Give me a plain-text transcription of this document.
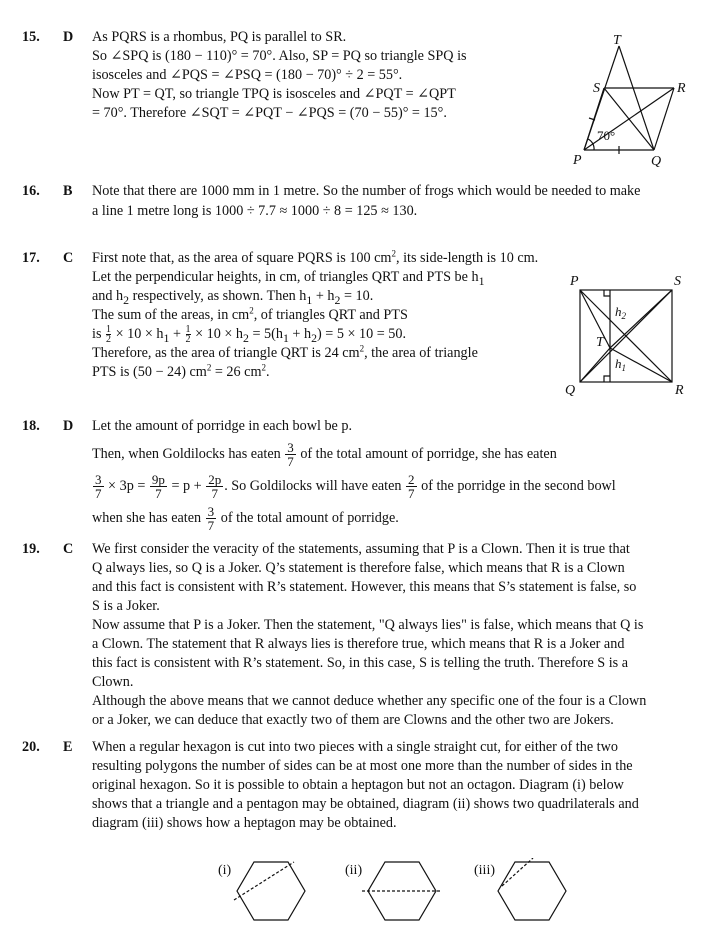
15. D As PQRS is a rhombus, PQ is parallel to SR.
So ∠SPQ is (180 − 110)° = 70°. Also, SP = PQ so triangle SPQ is
isosceles and ∠PQS = ∠PSQ = (180 − 70)° ÷ 2 = 55°.
Now PT = QT, so triangle TPQ is isosceles and ∠PQT = ∠QPT
= 70°. Therefore ∠SQT = ∠PQT − ∠PQS = (70 − 55)° = 15°.
T
S	R
P	Q
70°
16. B Note that there are 1000 mm in 1 metre. So the number of frogs which would be needed to make
a line 1 metre long is 1000 ÷ 7.7 ≈ 1000 ÷ 8 = 125 ≈ 130.
17. C First note that, as the area of square PQRS is 100 $cm^2$, its side-length is 10 cm.
Let the perpendicular heights, in cm, of triangles QRT and PTS be $h_1$
and $h_2$ respectively, as shown. Then $h_1 + h_2 = 10$.
The sum of the areas, in $cm^2$, of triangles QRT and PTS
is $\frac{1}{2} \times 10 \times h_1 + \frac{1}{2} \times 10 \times h_2 = 5(h_1 + h_2) = 5 \times 10 = 50$.
Therefore, as the area of triangle QRT is 24 $cm^2$, the area of triangle
PTS is (50 − 24) $cm^2 = 26$ $cm^2$.
P	S
Q	R
T
$h_2$
$h_1$
18. D Let the amount of porridge in each bowl be p.
Then, when Goldilocks has eaten $\frac{3}{7}$ of the total amount of porridge, she has eaten
$\frac{3}{7} \times 3p = \frac{9p}{7} = p + \frac{2p}{7}$ . So Goldilocks will have eaten $\frac{2}{7}$ of the porridge in the second bowl
when she has eaten $\frac{3}{7}$ of the total amount of porridge.
19. C We first consider the veracity of the statements, assuming that P is a Clown. Then it is true that
Q always lies, so Q is a Joker. Q’s statement is therefore false, which means that R is a Clown
and this fact is consistent with R’s statement. However, this means that S’s statement is false, so
S is a Joker.
Now assume that P is a Joker. Then the statement, "Q always lies" is false, which means that Q is
a Clown. The statement that R always lies is therefore true, which means that R is a Joker and
this fact is consistent with R’s statement. So, in this case, S is telling the truth. Therefore S is a
Clown.
Although the above means that we cannot deduce whether any specific one of the four is a Clown
or a Joker, we can deduce that exactly two of them are Clowns and the other two are Jokers.
20. E When a regular hexagon is cut into two pieces with a single straight cut, for either of the two
resulting polygons the number of sides can be at most one more than the number of sides in the
original hexagon. So it is possible to obtain a heptagon but not an octagon. Diagram (i) below
shows that a triangle and a pentagon may be obtained, diagram (ii) shows two quadrilaterals and
diagram (iii) shows how a heptagon may be obtained.
(i)	(ii)	(iii)
